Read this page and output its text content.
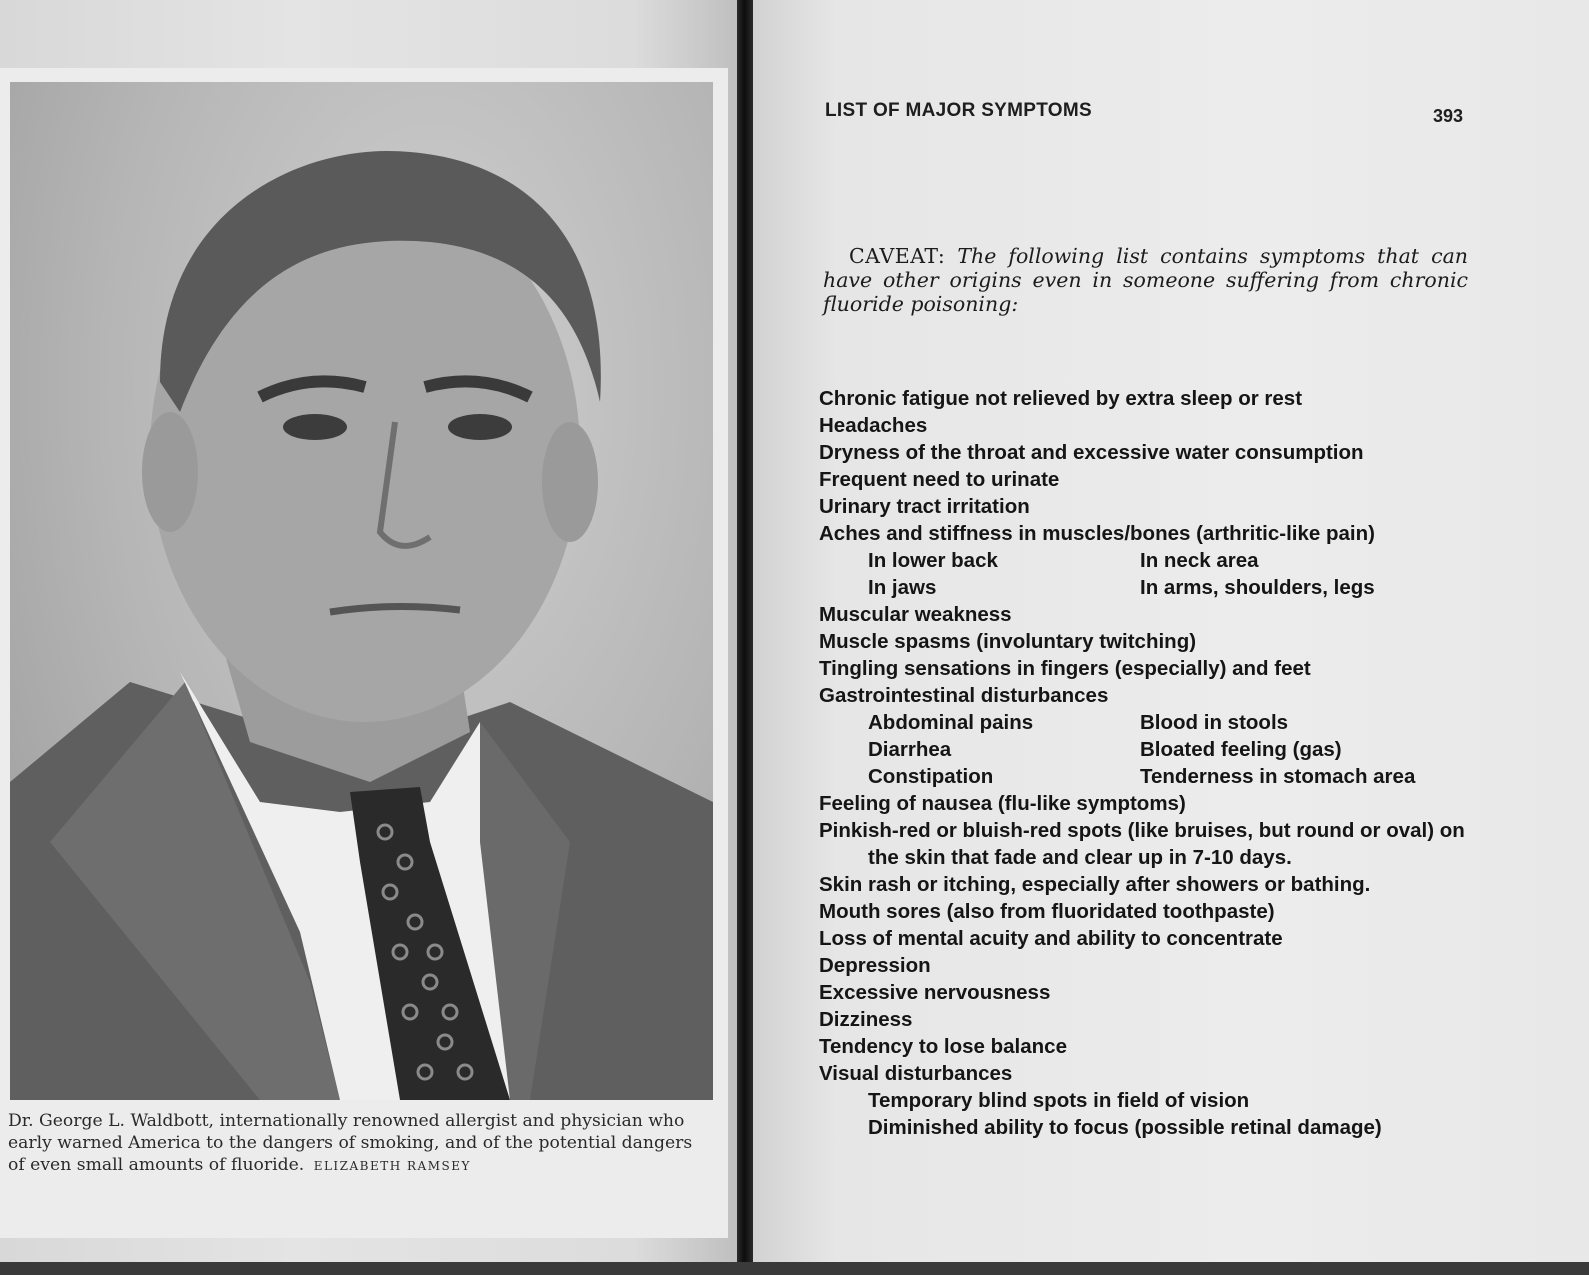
Dr. George L. Waldbott, internationally renowned allergist and physician who early warned America to the dangers of smoking, and of the potential dangers of even small amounts of fluoride. ELIZABETH RAMSEY
LIST OF MAJOR SYMPTOMS	393
CAVEAT: The following list contains symptoms that can have other origins even in someone suffering from chronic fluoride poisoning:
Chronic fatigue not relieved by extra sleep or rest
Headaches
Dryness of the throat and excessive water consumption
Frequent need to urinate
Urinary tract irritation
Aches and stiffness in muscles/bones (arthritic-like pain)
In lower back	In neck area
In jaws	In arms, shoulders, legs
Muscular weakness
Muscle spasms (involuntary twitching)
Tingling sensations in fingers (especially) and feet
Gastrointestinal disturbances
Abdominal pains	Blood in stools
Diarrhea	Bloated feeling (gas)
Constipation	Tenderness in stomach area
Feeling of nausea (flu-like symptoms)
Pinkish-red or bluish-red spots (like bruises, but round or oval) on
the skin that fade and clear up in 7-10 days.
Skin rash or itching, especially after showers or bathing.
Mouth sores (also from fluoridated toothpaste)
Loss of mental acuity and ability to concentrate
Depression
Excessive nervousness
Dizziness
Tendency to lose balance
Visual disturbances
Temporary blind spots in field of vision
Diminished ability to focus (possible retinal damage)
